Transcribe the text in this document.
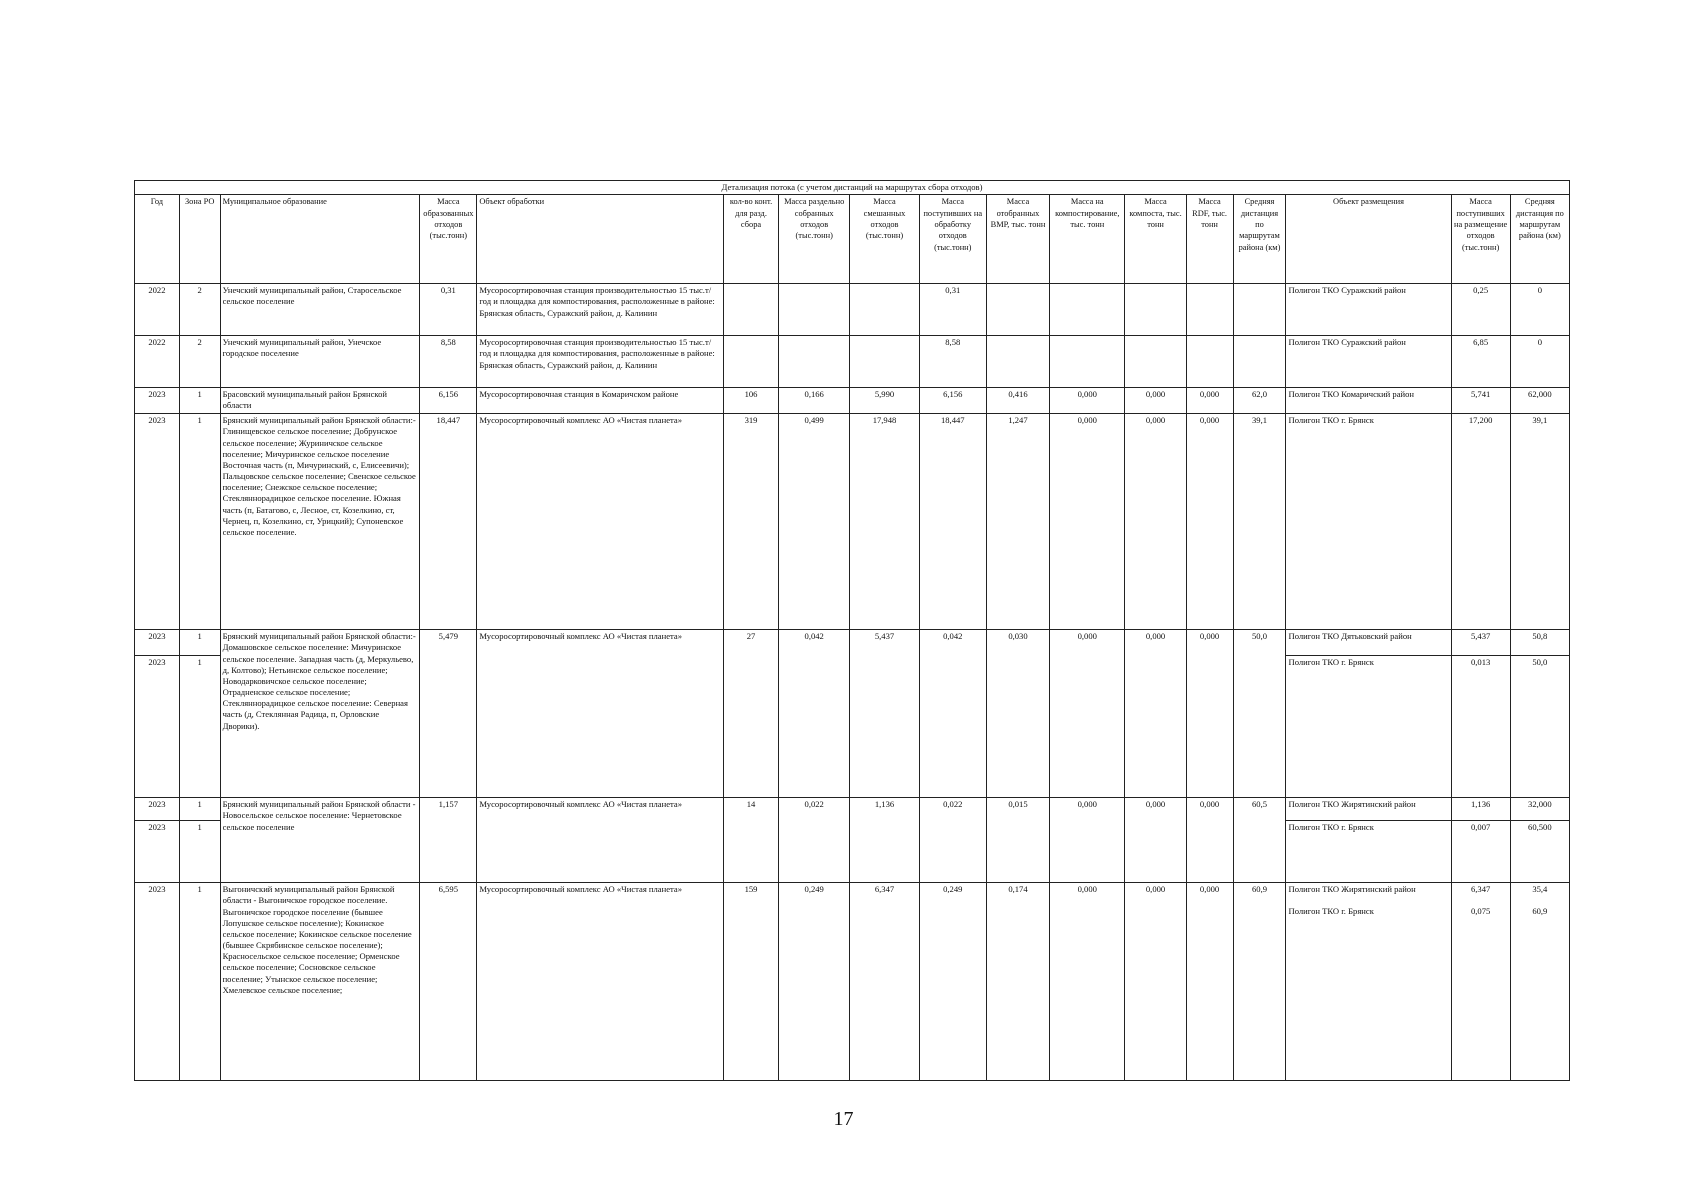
Детализация потока (с учетом дистанций на маршрутах сбора отходов)																
Год	Зона РО	Муниципальное образование	Масса образованных отходов (тыс.тонн)	Объект обработки	кол-во конт. для разд. сбора	Масса раздельно собранных отходов (тыс.тонн)	Масса смешанных отходов (тыс.тонн)	Масса поступивших на обработку отходов (тыс.тонн)	Масса отобранных ВМР, тыс. тонн	Масса на компостирование, тыс. тонн	Масса компоста, тыс. тонн	Масса RDF, тыс. тонн	Средняя дистанция по маршрутам района (км)	Объект размещения	Масса поступивших на размещение отходов (тыс.тонн)	Средняя дистанция по маршрутам района (км)
2022	2	Унечский муниципальный район, Старосельское сельское поселение	0,31	Мусоросортировочная станция производительностью 15 тыс.т/год и площадка для компостирования, расположенные в районе: Брянская область, Суражский район, д. Калинин				0,31						Полигон ТКО Суражский район	0,25	0
2022	2	Унечский муниципальный район, Унечское городское поселение	8,58	Мусоросортировочная станция производительностью 15 тыс.т/год и площадка для компостирования, расположенные в районе: Брянская область, Суражский район, д. Калинин				8,58						Полигон ТКО Суражский район	6,85	0
2023	1	Брасовский муниципальный район Брянской области	6,156	Мусоросортировочная станция в Комаричском районе	106	0,166	5,990	6,156	0,416	0,000	0,000	0,000	62,0	Полигон ТКО Комаричский район	5,741	62,000
2023	1	Брянский муниципальный район Брянской области:- Глинищевское сельское поселение; Добрунское сельское поселение; Журиничское сельское поселение; Мичуринское сельское поселение Восточная часть (п, Мичуринский, с, Елисеевичи); Пальцовское сельское поселение; Свенское сельское поселение; Снежское сельское поселение; Стекляннорадицкое сельское поселение. Южная часть (п, Батагово, с, Лесное, ст, Козелкино, ст, Чернец, п, Козелкино, ст, Урицкий); Супоневское сельское поселение.	18,447	Мусоросортировочный комплекс АО «Чистая планета»	319	0,499	17,948	18,447	1,247	0,000	0,000	0,000	39,1	Полигон ТКО г. Брянск	17,200	39,1
2023	1	Брянский муниципальный район Брянской области:- Домашовское сельское поселение: Мичуринское сельское поселение. Западная часть (д, Меркульево, д, Колтово); Нетьинское сельское поселение; Новодарковичское сельское поселение; Отрадненское сельское поселение; Стекляннорадицкое сельское поселение: Северная часть (д, Стеклянная Радица, п, Орловские Дворики).	5,479	Мусоросортировочный комплекс АО «Чистая планета»	27	0,042	5,437	0,042	0,030	0,000	0,000	0,000	50,0	Полигон ТКО Дятьковский район	5,437	50,8
2023	1													Полигон ТКО г. Брянск	0,013	50,0
2023	1	Брянский муниципальный район Брянской области - Новосельское сельское поселение: Чернетовское сельское поселение	1,157	Мусоросортировочный комплекс АО «Чистая планета»	14	0,022	1,136	0,022	0,015	0,000	0,000	0,000	60,5	Полигон ТКО Жирятинский район	1,136	32,000
2023	1													Полигон ТКО г. Брянск	0,007	60,500
2023	1	Выгоничский муниципальный район Брянской области - Выгоничское городское поселение. Выгоничское городское поселение (бывшее Лопушское сельское поселение); Кокинское сельское поселение; Кокинское сельское поселение (бывшее Скрябинское сельское поселение); Красносельское сельское поселение; Орменское сельское поселение; Сосновское сельское поселение; Утынское сельское поселение; Хмелевское сельское поселение;	6,595	Мусоросортировочный комплекс АО «Чистая планета»	159	0,249	6,347	0,249	0,174	0,000	0,000	0,000	60,9	Полигон ТКО Жирятинский район	6,347	35,4
														Полигон ТКО г. Брянск	0,075	60,9
17
